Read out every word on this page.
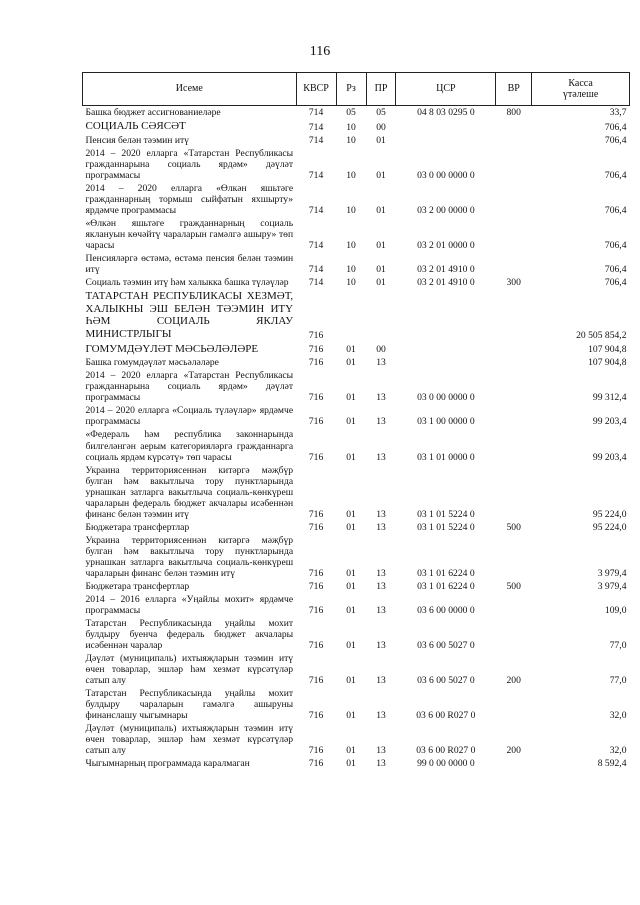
116
Исеме	КВСР	Рз	ПР	ЦСР	ВР	Касса
үтәлеше

Башка бюджет ассигнованиеләре	714	05	05	04 8 03 0295 0	800	33,7
СОЦИАЛЬ СӘЯСӘТ	714	10	00			706,4
Пенсия белән тәэмин итү	714	10	01			706,4
2014 – 2020 елларга «Татарстан Республикасы гражданнарына социаль ярдәм» дәүләт программасы	714	10	01	03 0 00 0000 0		706,4
2014 – 2020 елларга «Өлкән яшьтәге гражданнарның тормыш сыйфатын яхшырту» ярдәмче программасы	714	10	01	03 2 00 0000 0		706,4
«Өлкән яшьтәге гражданнарның социаль яклануын көчәйтү чараларын гамәлгә ашыру» төп чарасы	714	10	01	03 2 01 0000 0		706,4
Пенсияләргә өстәмә, өстәмә пенсия белән тәэмин итү	714	10	01	03 2 01 4910 0		706,4
Социаль тәэмин итү һәм халыкка башка түләүләр	714	10	01	03 2 01 4910 0	300	706,4
ТАТАРСТАН РЕСПУБЛИКАСЫ ХЕЗМӘТ, ХАЛЫКНЫ ЭШ БЕЛӘН ТӘЭМИН ИТҮ ҺӘМ СОЦИАЛЬ ЯКЛАУ МИНИСТРЛЫГЫ	716					20 505 854,2
ГОМУМДӘҮЛӘТ МӘСЬӘЛӘЛӘРЕ	716	01	00			107 904,8
Башка гомумдәүләт мәсьәләләре	716	01	13			107 904,8
2014 – 2020 елларга «Татарстан Республикасы гражданнарына социаль ярдәм» дәүләт программасы	716	01	13	03 0 00 0000 0		99 312,4
2014 – 2020 елларга «Социаль түләүләр» ярдәмче программасы	716	01	13	03 1 00 0000 0		99 203,4
«Федераль һәм республика законнарында билгеләнгән аерым категорияләргә гражданнарга социаль ярдәм күрсәтү» төп чарасы	716	01	13	03 1 01 0000 0		99 203,4
Украина территориясеннән китәргә мәҗбүр булган һәм вакытлыча тору пунктларында урнашкан затларга вакытлыча социаль-көнкүреш чараларын федераль бюджет акчалары исәбеннән финанс белән тәэмин итү	716	01	13	03 1 01 5224 0		95 224,0
Бюджетара трансфертлар	716	01	13	03 1 01 5224 0	500	95 224,0
Украина территориясеннән китәргә мәҗбүр булган һәм вакытлыча тору пунктларында урнашкан затларга вакытлыча социаль-көнкүреш чараларын финанс белән тәэмин итү	716	01	13	03 1 01 6224 0		3 979,4
Бюджетара трансфертлар	716	01	13	03 1 01 6224 0	500	3 979,4
2014 – 2016 елларга «Уңайлы мохит» ярдәмче программасы	716	01	13	03 6 00 0000 0		109,0
Татарстан Республикасында уңайлы мохит булдыру буенча федераль бюджет акчалары исәбеннән чаралар	716	01	13	03 6 00 5027 0		77,0
Дәүләт (муниципаль) ихтыяҗларын тәэмин итү өчен товарлар, эшләр һәм хезмәт күрсәтүләр сатып алу	716	01	13	03 6 00 5027 0	200	77,0
Татарстан Республикасында уңайлы мохит булдыру чараларын гамәлгә ашыруны финанслашу чыгымнары	716	01	13	03 6 00 R027 0		32,0
Дәүләт (муниципаль) ихтыяҗларын тәэмин итү өчен товарлар, эшләр һәм хезмәт күрсәтүләр сатып алу	716	01	13	03 6 00 R027 0	200	32,0
Чыгымнарның программада каралмаган	716	01	13	99 0 00 0000 0		8 592,4
